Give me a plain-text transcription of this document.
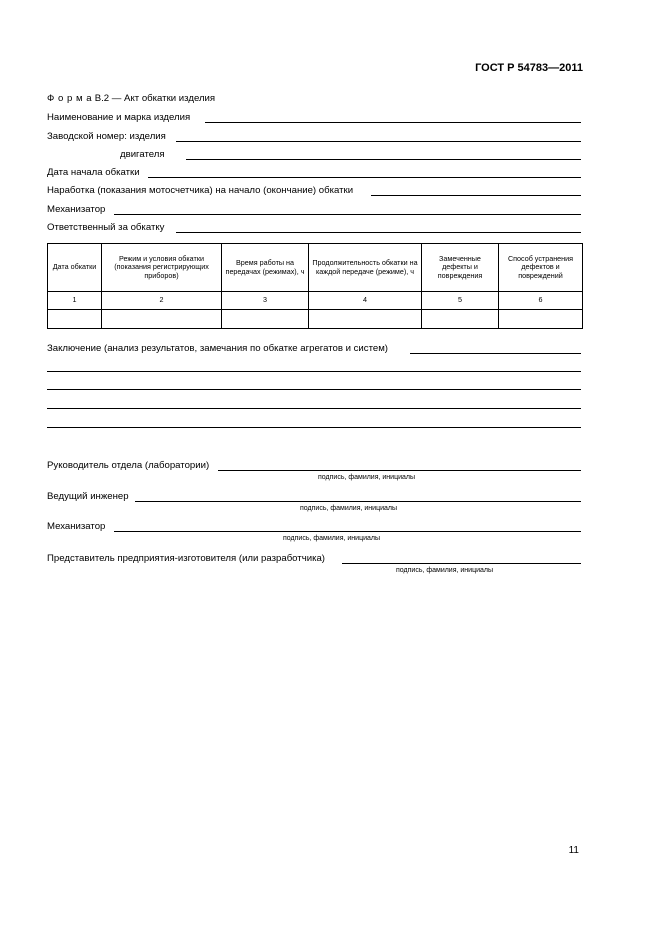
ГОСТ Р 54783—2011
Ф о р м а В.2 — Акт обкатки изделия
Наименование и марка изделия
Заводской номер: изделия
двигателя
Дата начала обкатки
Наработка (показания мотосчетчика) на начало (окончание) обкатки
Механизатор
Ответственный за обкатку
Дата обкатки	Режим и условия обкатки (показания регистрирующих приборов)	Время работы на передачах (режимах), ч	Продолжительность обкатки на каждой передаче (режиме), ч	Замеченные дефекты и повреждения	Способ устранения дефектов и повреждений
1	2	3	4	5	6

Заключение (анализ результатов, замечания по обкатке агрегатов и систем)
Руководитель отдела (лаборатории)
подпись, фамилия, инициалы
Ведущий инженер
подпись, фамилия, инициалы
Механизатор
подпись, фамилия, инициалы
Представитель предприятия-изготовителя (или разработчика)
подпись, фамилия, инициалы
11
